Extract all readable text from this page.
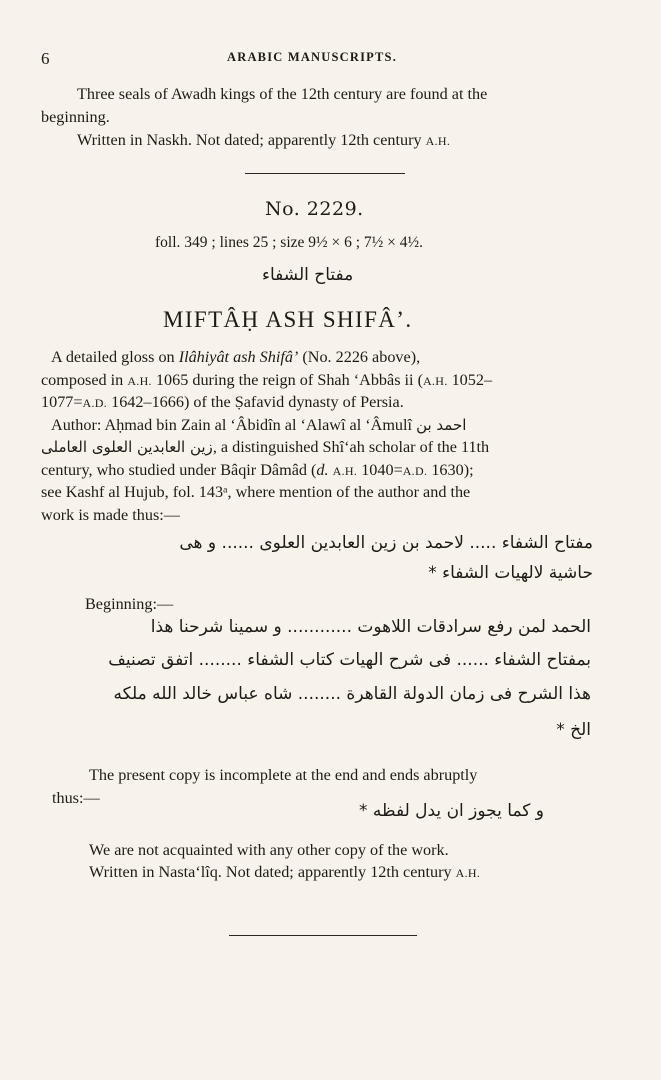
6	ARABIC MANUSCRIPTS.
Three seals of Awadh kings of the 12th century are found at the
beginning.
Written in Naskh. Not dated; apparently 12th century A.H.
No. 2229.
foll. 349 ; lines 25 ; size 9½ × 6 ; 7½ × 4½.
مفتاح الشفاء
MIFTÂḤ ASH SHIFÂ’.
A detailed gloss on Ilâhiyât ash Shifâ’ (No. 2226 above),
composed in A.H. 1065 during the reign of Shah ‘Abbâs ii (A.H. 1052–
1077=A.D. 1642–1666) of the Ṣafavid dynasty of Persia.
Author: Aḥmad bin Zain al ‘Âbidîn al ‘Alawî al ‘Âmulî احمد بن
زين العابدين العلوى العاملى, a distinguished Shî‘ah scholar of the 11th
century, who studied under Bâqir Dâmâd (d. A.H. 1040=A.D. 1630);
see Kashf al Hujub, fol. 143ᵃ, where mention of the author and the
work is made thus:—
مفتاح الشفاء ..... لاحمد بن زين العابدين العلوى ...... و هى
حاشية لالهيات الشفاء *
Beginning:—
الحمد لمن رفع سرادقات اللاهوت ............ و سمينا شرحنا هذا
بمفتاح الشفاء ...... فى شرح الهيات كتاب الشفاء ........ اتفق تصنيف
هذا الشرح فى زمان الدولة القاهرة ........ شاه عباس خالد الله ملكه
الخ *
The present copy is incomplete at the end and ends abruptly
thus:—
و كما يجوز ان يدل لفظه *
We are not acquainted with any other copy of the work.
Written in Nasta‘lîq. Not dated; apparently 12th century A.H.
